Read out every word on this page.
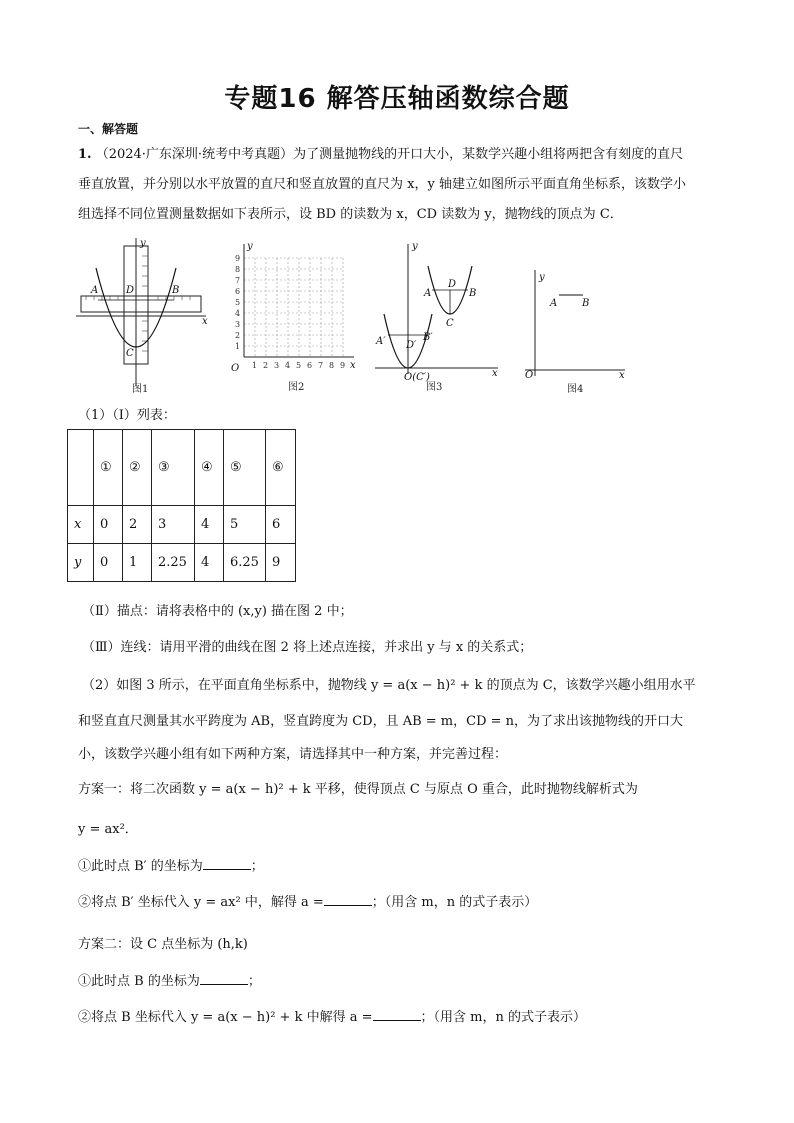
专题16 解答压轴函数综合题
一、解答题
1. （2024·广东深圳·统考中考真题）为了测量抛物线的开口大小，某数学兴趣小组将两把含有刻度的直尺
垂直放置，并分别以水平放置的直尺和竖直放置的直尺为 x，y 轴建立如图所示平面直角坐标系，该数学小
组选择不同位置测量数据如下表所示，设 BD 的读数为 x，CD 读数为 y，抛物线的顶点为 C．
A	D	B
C
x
y
图1
1 2 3 4 5 6 7 8 9
1
2
3
4
5
6
7
8
9
O	x
y
图2
A
D
B
C
A′ D′
B′
O(C′)	x
y
图3
A B
O	x
y
图4
（1）（Ⅰ）列表：
	①	②	③	④	⑤	⑥
x	0	2	3	4	5	6
y	0	1	2.25	4	6.25	9
（Ⅱ）描点：请将表格中的 (x,y) 描在图 2 中；
（Ⅲ）连线：请用平滑的曲线在图 2 将上述点连接，并求出 y 与 x 的关系式；
（2）如图 3 所示，在平面直角坐标系中，抛物线 y = a(x − h)² + k 的顶点为 C，该数学兴趣小组用水平
和竖直直尺测量其水平跨度为 AB，竖直跨度为 CD，且 AB = m，CD = n，为了求出该抛物线的开口大
小，该数学兴趣小组有如下两种方案，请选择其中一种方案，并完善过程：
方案一：将二次函数 y = a(x − h)² + k 平移，使得顶点 C 与原点 O 重合，此时抛物线解析式为
y = ax²．
①此时点 B′ 的坐标为	；
②将点 B′ 坐标代入 y = ax² 中，解得 a =	；（用含 m，n 的式子表示）
方案二：设 C 点坐标为 (h,k)
①此时点 B 的坐标为	；
②将点 B 坐标代入 y = a(x − h)² + k 中解得 a =	；（用含 m，n 的式子表示）
